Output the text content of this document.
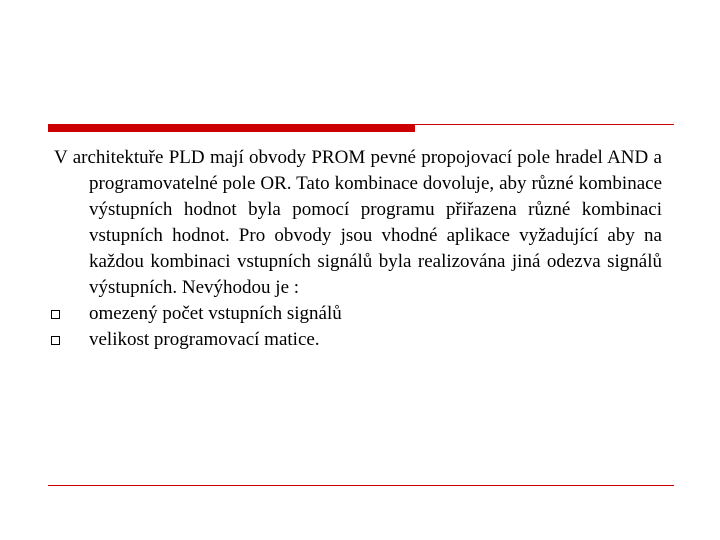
V architektuře PLD mají obvody PROM pevné propojovací pole hradel AND a programovatelné pole OR. Tato kombinace dovoluje, aby různé kombinace výstupních hodnot byla pomocí programu přiřazena různé kombinaci vstupních hodnot. Pro obvody jsou vhodné aplikace vyžadující aby na každou kombinaci vstupních signálů byla realizována jiná odezva signálů výstupních. Nevýhodou je :

omezený počet vstupních signálů
velikost programovací matice.
